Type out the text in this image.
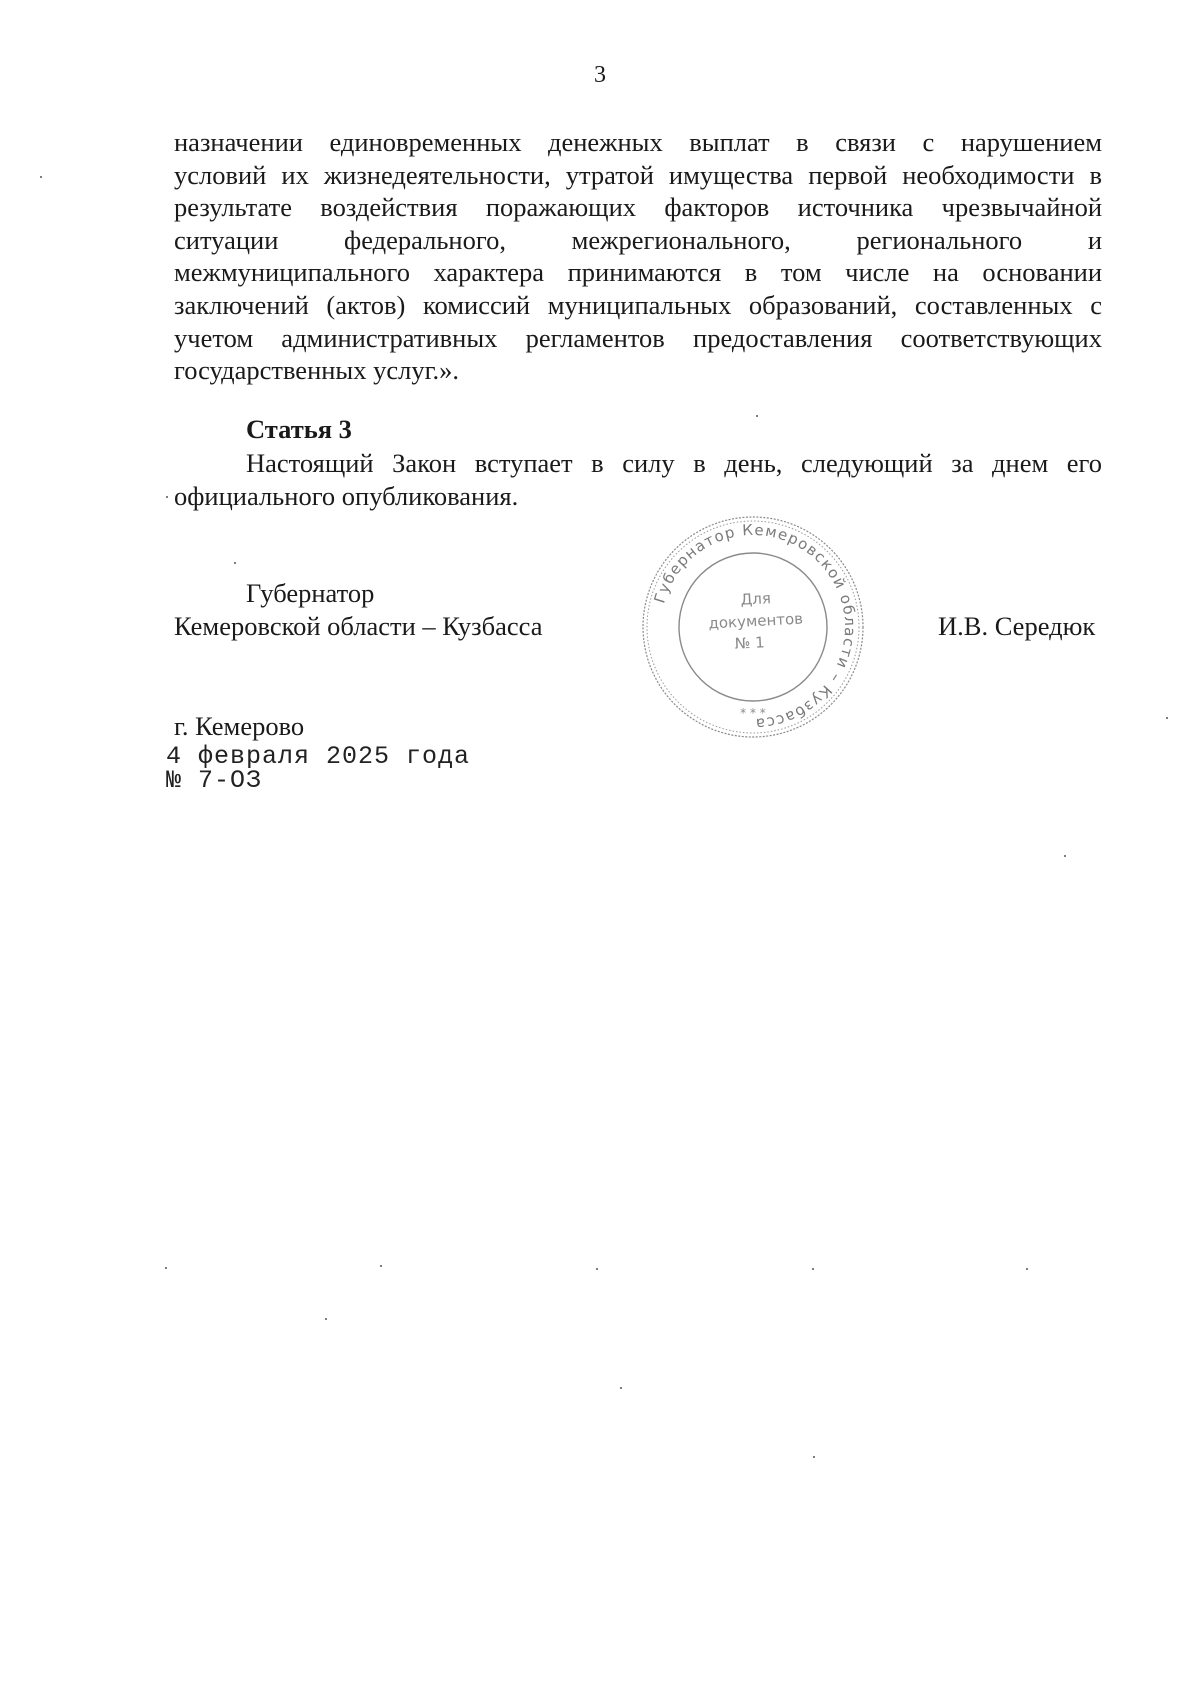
3
назначении единовременных денежных выплат в связи с нарушением
условий их жизнедеятельности, утратой имущества первой необходимости в
результате воздействия поражающих факторов источника чрезвычайной
ситуации федерального, межрегионального, регионального и
межмуниципального характера принимаются в том числе на основании
заключений (актов) комиссий муниципальных образований, составленных с
учетом административных регламентов предоставления соответствующих
государственных услуг.».
Статья 3
Настоящий Закон вступает в силу в день, следующий за днем его
официального опубликования.
Губернатор
Кемеровской области – Кузбасса	И.В. Середюк
Губернатор Кемеровской области – Кузбасса
Для
документов
№ 1
* * *
г. Кемерово
4 февраля 2025 года
№ 7-ОЗ
